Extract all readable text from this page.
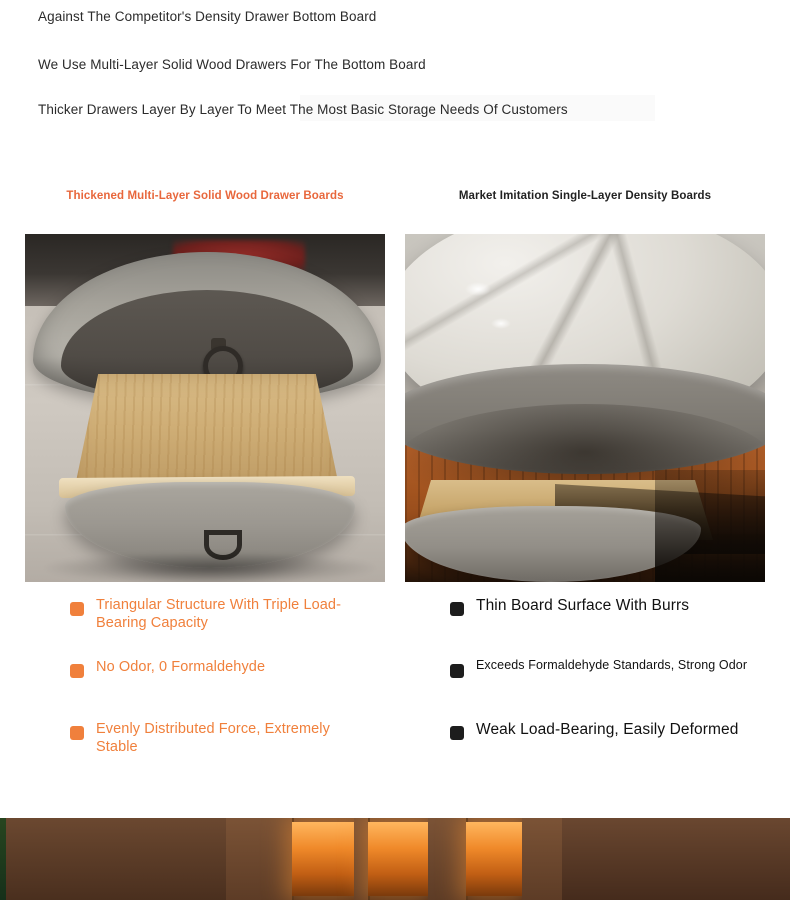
Against The Competitor's Density Drawer Bottom Board
We Use Multi-Layer Solid Wood Drawers For The Bottom Board
Thicker Drawers Layer By Layer To Meet The Most Basic Storage Needs Of Customers
Thickened Multi-Layer Solid Wood Drawer Boards	Market Imitation Single-Layer Density Boards
Triangular Structure With Triple Load-Bearing Capacity
No Odor, 0 Formaldehyde
Evenly Distributed Force, Extremely Stable
Thin Board Surface With Burrs
Exceeds Formaldehyde Standards, Strong Odor
Weak Load-Bearing, Easily Deformed
